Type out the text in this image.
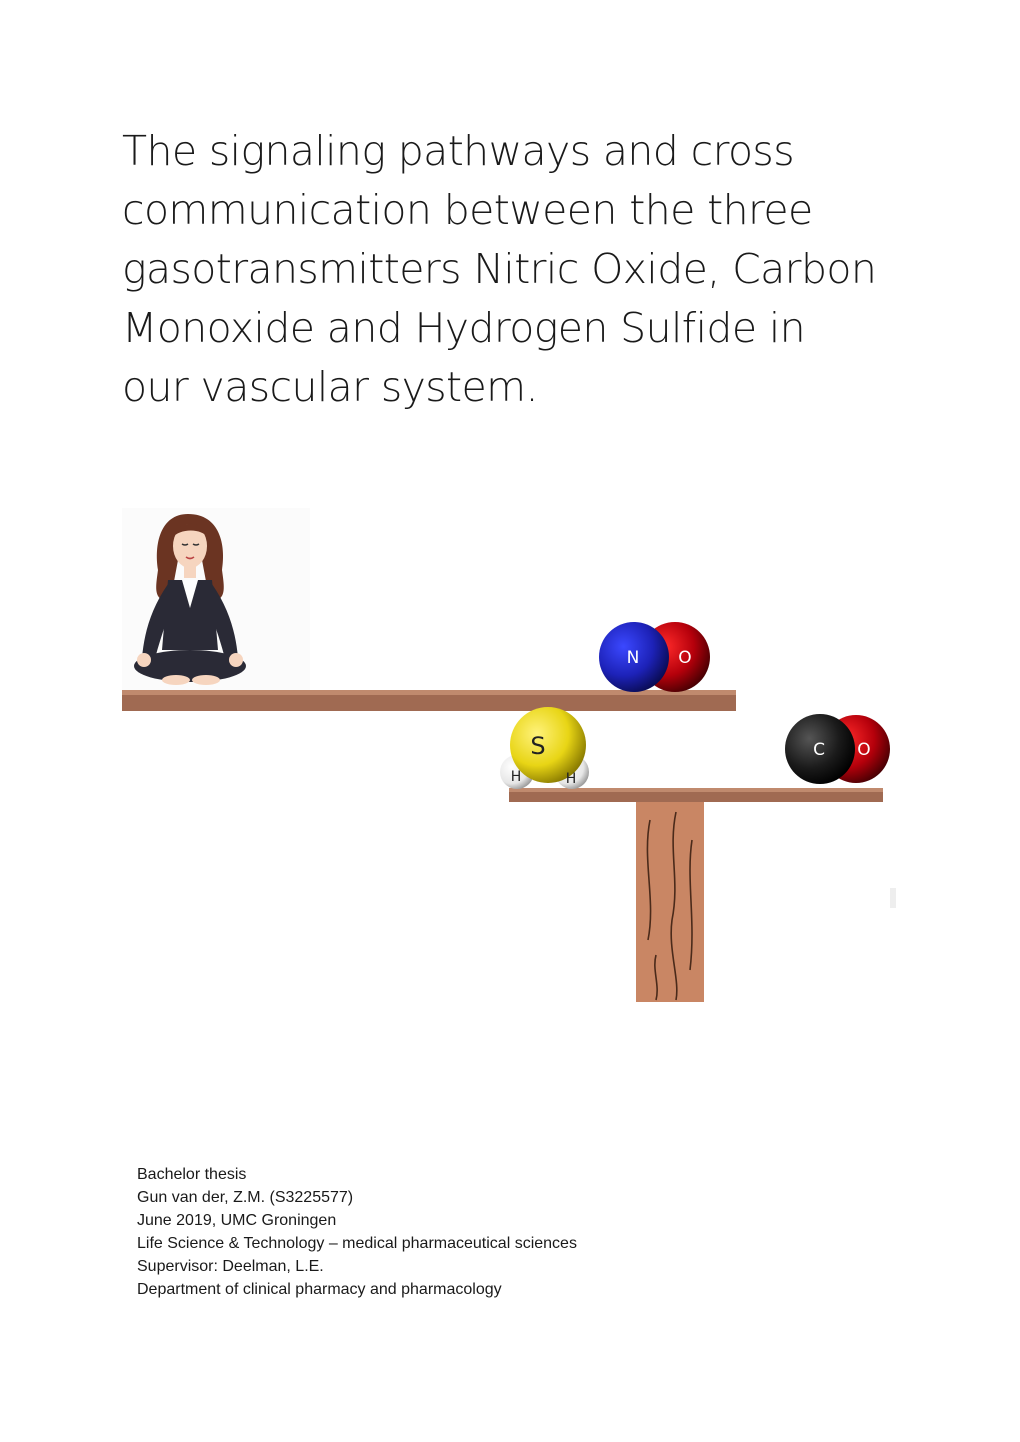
The signaling pathways and cross communication between the three gasotransmitters Nitric Oxide, Carbon Monoxide and Hydrogen Sulfide in our vascular system.
N O
S
H	H
C O
Bachelor thesis
Gun van der, Z.M. (S3225577)
June 2019, UMC Groningen
Life Science & Technology – medical pharmaceutical sciences
Supervisor: Deelman, L.E.
Department of clinical pharmacy and pharmacology
